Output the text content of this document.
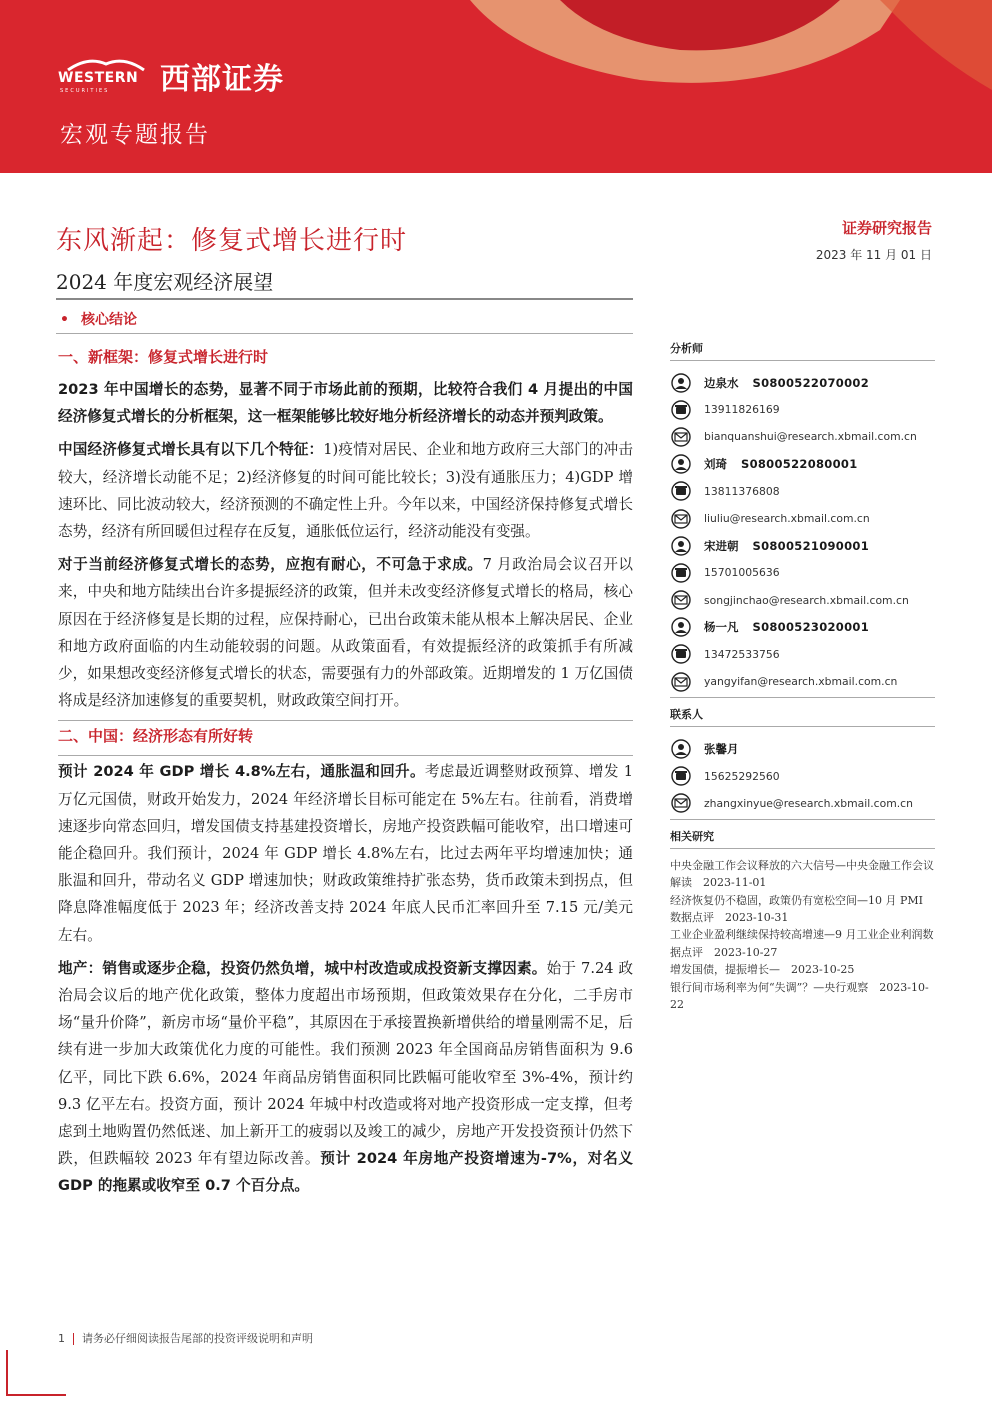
WESTERN
SECURITIES 西部证券
宏观专题报告
东风渐起：修复式增长进行时
2024 年度宏观经济展望
证券研究报告
2023 年 11 月 01 日
• 核心结论
一、新框架：修复式增长进行时

2023 年中国增长的态势，显著不同于市场此前的预期，比较符合我们 4 月提出的中国经济修复式增长的分析框架，这一框架能够比较好地分析经济增长的动态并预判政策。

中国经济修复式增长具有以下几个特征：1)疫情对居民、企业和地方政府三大部门的冲击较大，经济增长动能不足；2)经济修复的时间可能比较长；3)没有通胀压力；4)GDP 增速环比、同比波动较大，经济预测的不确定性上升。今年以来，中国经济保持修复式增长态势，经济有所回暖但过程存在反复，通胀低位运行，经济动能没有变强。

对于当前经济修复式增长的态势，应抱有耐心，不可急于求成。7 月政治局会议召开以来，中央和地方陆续出台许多提振经济的政策，但并未改变经济修复式增长的格局，核心原因在于经济修复是长期的过程，应保持耐心，已出台政策未能从根本上解决居民、企业和地方政府面临的内生动能较弱的问题。从政策面看，有效提振经济的政策抓手有所减少，如果想改变经济修复式增长的状态，需要强有力的外部政策。近期增发的 1 万亿国债将成是经济加速修复的重要契机，财政政策空间打开。

二、中国：经济形态有所好转

预计 2024 年 GDP 增长 4.8%左右，通胀温和回升。考虑最近调整财政预算、增发 1 万亿元国债，财政开始发力，2024 年经济增长目标可能定在 5%左右。往前看，消费增速逐步向常态回归，增发国债支持基建投资增长，房地产投资跌幅可能收窄，出口增速可能企稳回升。我们预计，2024 年 GDP 增长 4.8%左右，比过去两年平均增速加快；通胀温和回升，带动名义 GDP 增速加快；财政政策维持扩张态势，货币政策未到拐点，但降息降准幅度低于 2023 年；经济改善支持 2024 年底人民币汇率回升至 7.15 元/美元左右。

地产：销售或逐步企稳，投资仍然负增，城中村改造或成投资新支撑因素。始于 7.24 政治局会议后的地产优化政策，整体力度超出市场预期，但政策效果存在分化，二手房市场“量升价降”，新房市场“量价平稳”，其原因在于承接置换新增供给的增量刚需不足，后续有进一步加大政策优化力度的可能性。我们预测 2023 年全国商品房销售面积为 9.6 亿平，同比下跌 6.6%，2024 年商品房销售面积同比跌幅可能收窄至 3%-4%，预计约 9.3 亿平左右。投资方面，预计 2024 年城中村改造或将对地产投资形成一定支撑，但考虑到土地购置仍然低迷、加上新开工的疲弱以及竣工的减少，房地产开发投资预计仍然下跌，但跌幅较 2023 年有望边际改善。预计 2024 年房地产投资增速为-7%，对名义 GDP 的拖累或收窄至 0.7 个百分点。

分析师
边泉水 S0800522070002
13911826169
bianquanshui@research.xbmail.com.cn
刘琦 S0800522080001
13811376808
liuliu@research.xbmail.com.cn
宋进朝 S0800521090001
15701005636
songjinchao@research.xbmail.com.cn
杨一凡 S0800523020001
13472533756
yangyifan@research.xbmail.com.cn
联系人
张馨月
15625292560
zhangxinyue@research.xbmail.com.cn
相关研究
中央金融工作会议释放的六大信号—中央金融工作会议解读　2023-11-01
经济恢复仍不稳固，政策仍有宽松空间—10 月 PMI 数据点评　2023-10-31
工业企业盈利继续保持较高增速—9 月工业企业利润数据点评　2023-10-27
增发国债，提振增长—　2023-10-25
银行间市场利率为何“失调”？—央行观察　2023-10-22
1 请务必仔细阅读报告尾部的投资评级说明和声明
